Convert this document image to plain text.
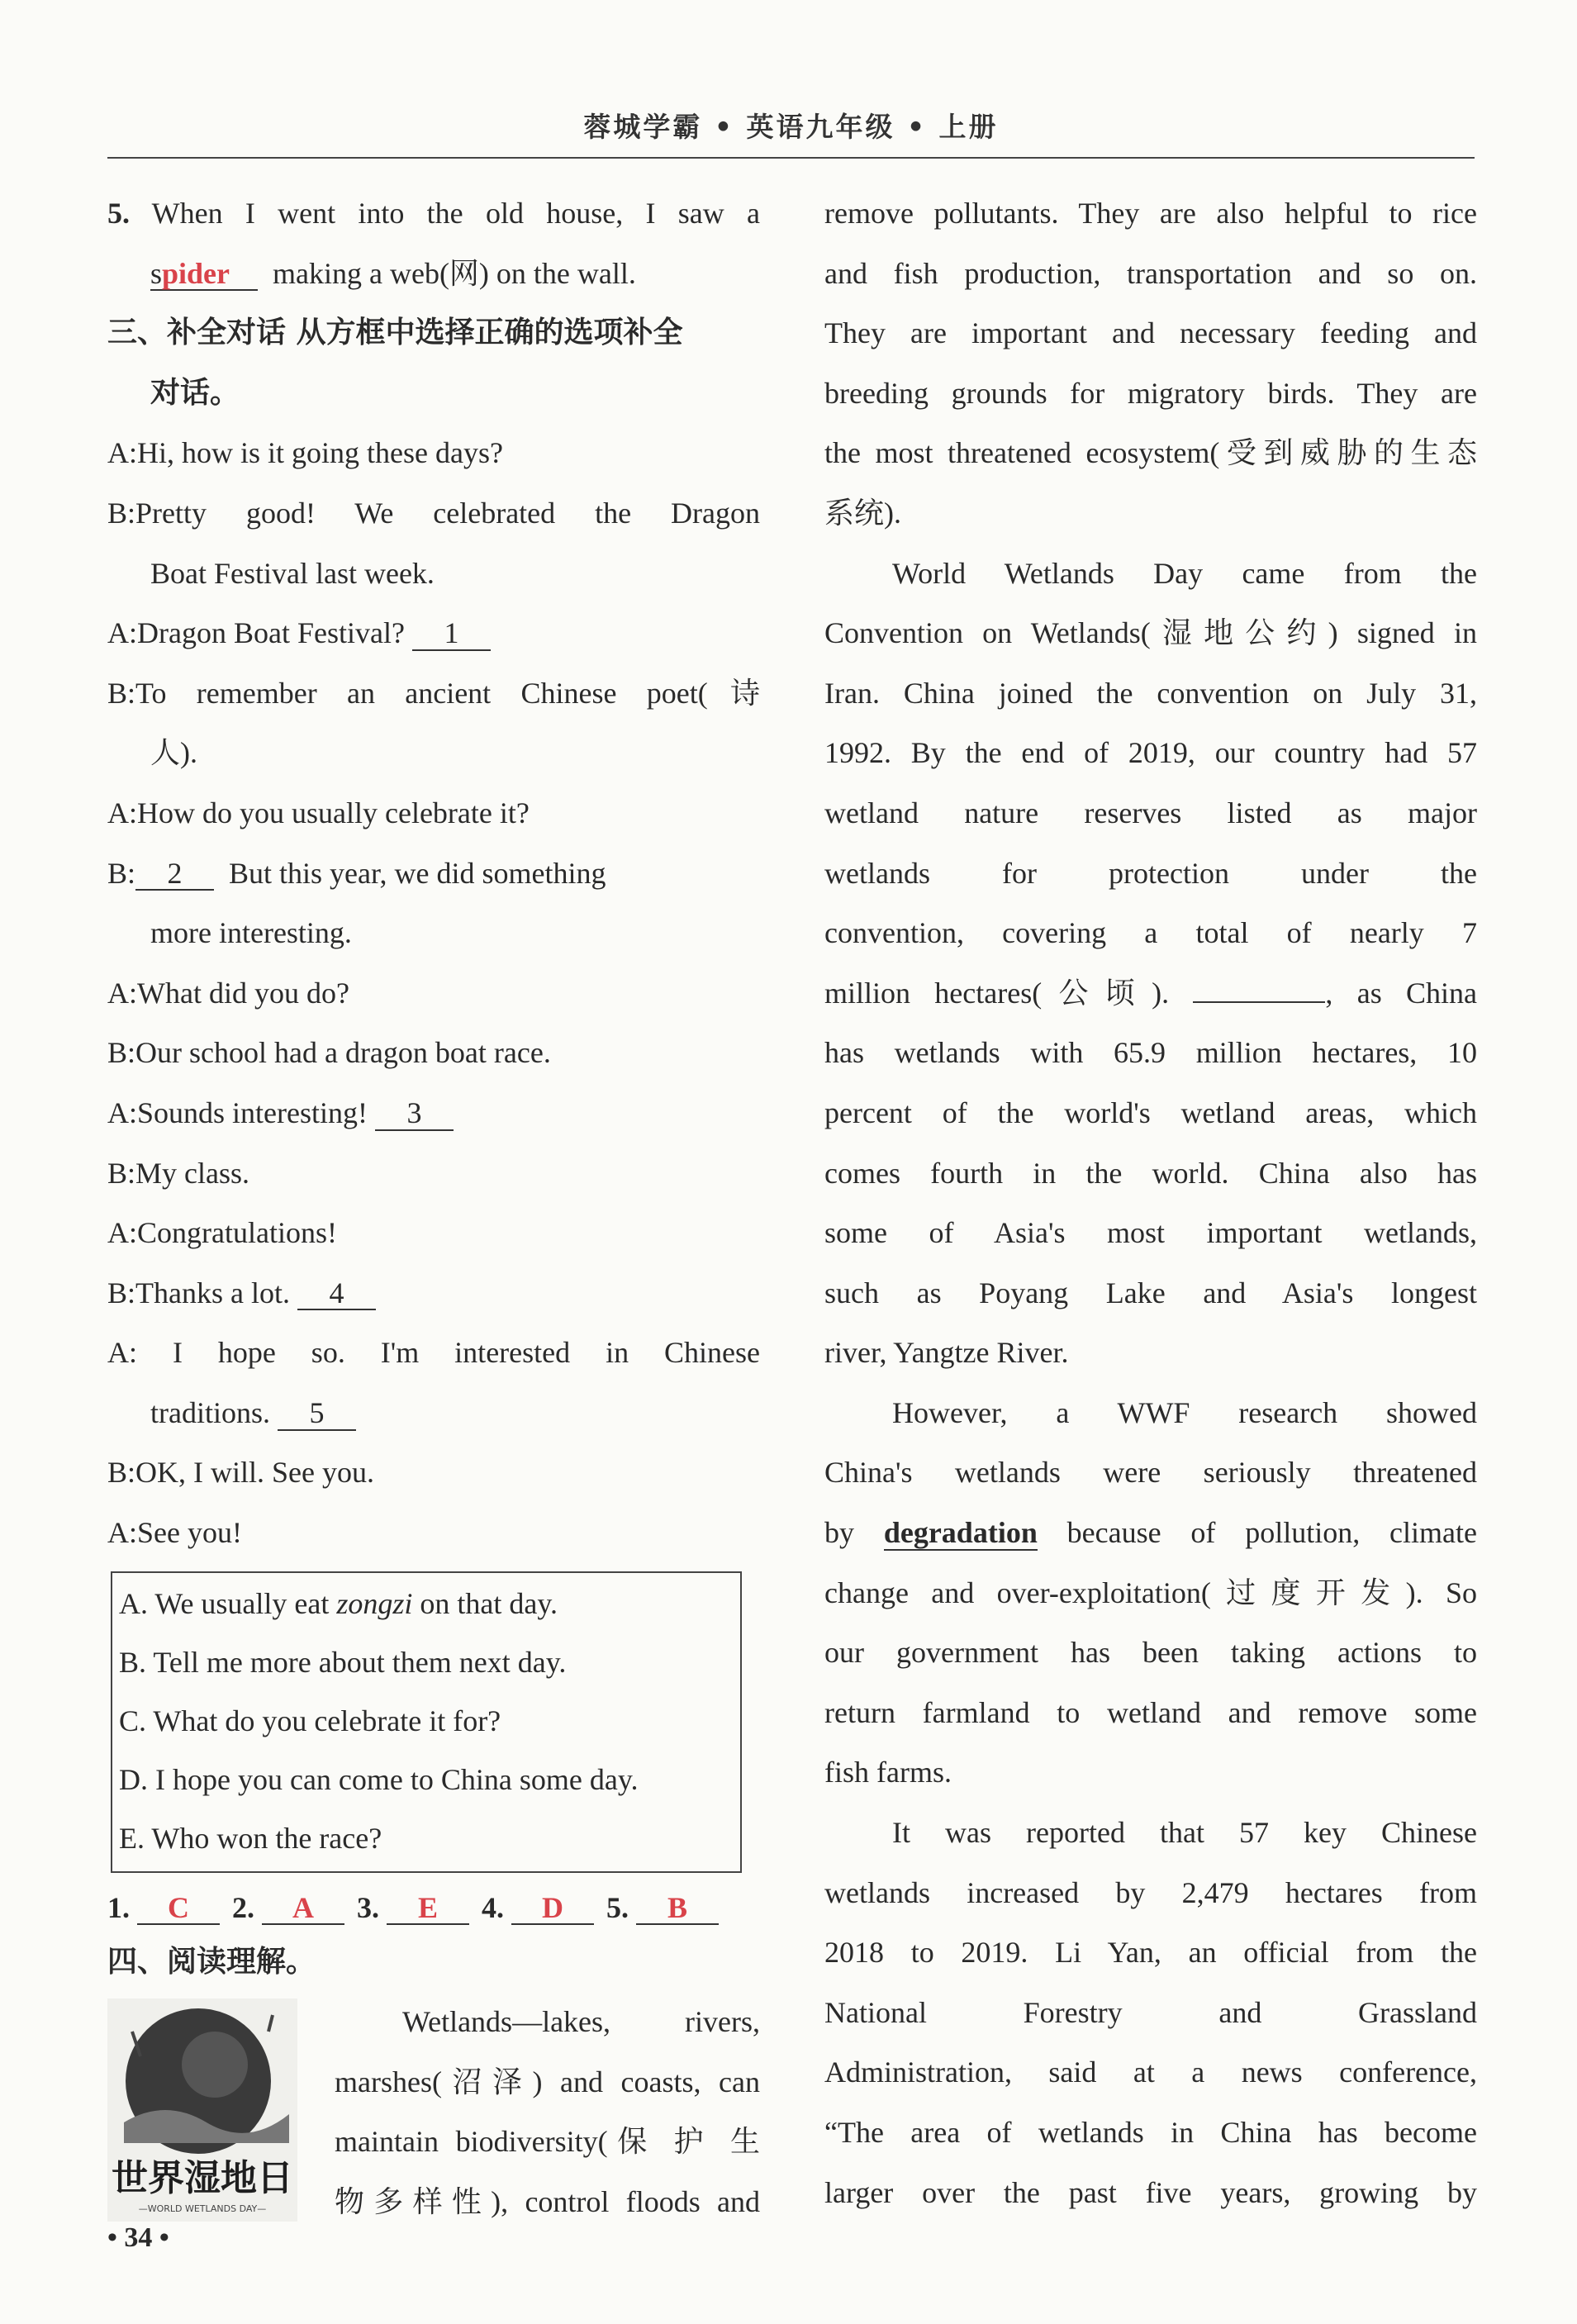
蓉城学霸 • 英语九年级 • 上册
5. When I went into the old house, I saw a
spider making a web(网) on the wall.
三、补全对话 从方框中选择正确的选项补全
对话。
A:Hi, how is it going these days?
B:Pretty good! We celebrated the Dragon
Boat Festival last week.
A:Dragon Boat Festival? 1
B:To remember an ancient Chinese poet(诗
人).
A:How do you usually celebrate it?
B: 2 But this year, we did something
more interesting.
A:What did you do?
B:Our school had a dragon boat race.
A:Sounds interesting! 3
B:My class.
A:Congratulations!
B:Thanks a lot. 4
A: I hope so. I'm interested in Chinese
traditions. 5
B:OK, I will. See you.
A:See you!
A. We usually eat zongzi on that day.
B. Tell me more about them next day.
C. What do you celebrate it for?
D. I hope you can come to China some day.
E. Who won the race?
1. C 2. A 3. E 4. D 5. B
四、阅读理解。
世界湿地日
—WORLD WETLANDS DAY—
Wetlands—lakes, rivers,
marshes(沼泽) and coasts, can
maintain biodiversity(保 护 生
物多样性), control floods and
remove pollutants. They are also helpful to rice
and fish production, transportation and so on.
They are important and necessary feeding and
breeding grounds for migratory birds. They are
the most threatened ecosystem(受到威胁的生态
系统).
World Wetlands Day came from the
Convention on Wetlands(湿地公约) signed in
Iran. China joined the convention on July 31,
1992. By the end of 2019, our country had 57
wetland nature reserves listed as major
wetlands for protection under the
convention, covering a total of nearly 7
million hectares(公顷).	, as China
has wetlands with 65.9 million hectares, 10
percent of the world's wetland areas, which
comes fourth in the world. China also has
some of Asia's most important wetlands,
such as Poyang Lake and Asia's longest
river, Yangtze River.
However, a WWF research showed
China's wetlands were seriously threatened
by degradation because of pollution, climate
change and over-exploitation(过度开发). So
our government has been taking actions to
return farmland to wetland and remove some
fish farms.
It was reported that 57 key Chinese
wetlands increased by 2,479 hectares from
2018 to 2019. Li Yan, an official from the
National Forestry and Grassland
Administration, said at a news conference,
“The area of wetlands in China has become
larger over the past five years, growing by
• 34 •
